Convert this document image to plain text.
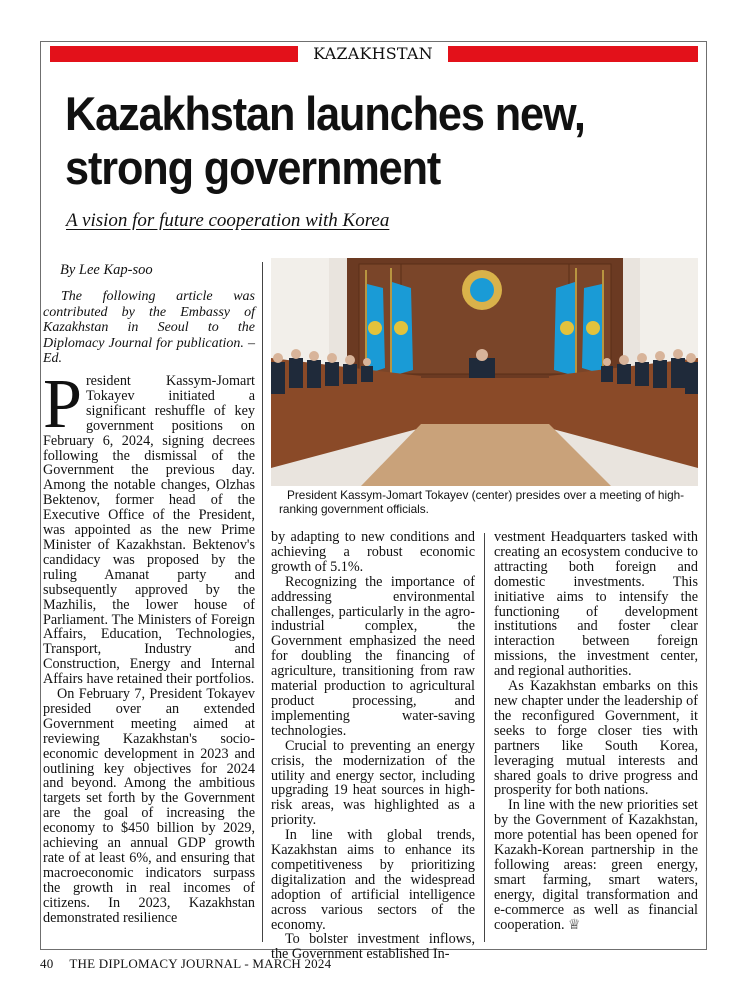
KAZAKHSTAN
Kazakhstan launches new,
strong government
A vision for future cooperation with Korea
By Lee Kap-soo
The following article was contributed by the Embassy of Kazakhstan in Seoul to the Diplomacy Journal for publication. –Ed.

President Kassym-Jomart Tokayev initiated a significant reshuffle of key government positions on February 6, 2024, signing decrees following the dismissal of the Government the previous day. Among the notable changes, Olzhas Bektenov, former head of the Executive Office of the President, was appointed as the new Prime Minister of Kazakhstan. Bektenov's candidacy was proposed by the ruling Amanat party and subsequently approved by the Mazhilis, the lower house of Parliament. The Ministers of Foreign Affairs, Education, Technologies, Transport, Industry and Construction, Energy and Internal Affairs have retained their portfolios.

On February 7, President Tokayev presided over an extended Government meeting aimed at reviewing Kazakhstan's socio-economic development in 2023 and outlining key objectives for 2024 and beyond. Among the ambitious targets set forth by the Government are the goal of increasing the economy to $450 billion by 2029, achieving an annual GDP growth rate of at least 6%, and ensuring that macroeconomic indicators surpass the growth in real incomes of citizens. In 2023, Kazakhstan demonstrated resilience

President Kassym-Jomart Tokayev (center) presides over a meeting of high-ranking government officials.

by adapting to new conditions and achieving a robust economic growth of 5.1%.

Recognizing the importance of addressing environmental challenges, particularly in the agro-industrial complex, the Government emphasized the need for doubling the financing of agriculture, transitioning from raw material production to agricultural product processing, and implementing water-saving technologies.

Crucial to preventing an energy crisis, the modernization of the utility and energy sector, including upgrading 19 heat sources in high-risk areas, was highlighted as a priority.

In line with global trends, Kazakhstan aims to enhance its competitiveness by prioritizing digitalization and the widespread adoption of artificial intelligence across various sectors of the economy.

To bolster investment inflows, the Government established In-

vestment Headquarters tasked with creating an ecosystem conducive to attracting both foreign and domestic investments. This initiative aims to intensify the functioning of development institutions and foster clear interaction between foreign missions, the investment center, and regional authorities.

As Kazakhstan embarks on this new chapter under the leadership of the reconfigured Government, it seeks to forge closer ties with partners like South Korea, leveraging mutual interests and shared goals to drive progress and prosperity for both nations.

In line with the new priorities set by the Government of Kazakhstan, more potential has been opened for Kazakh-Korean partnership in the following areas: green energy, smart farming, smart waters, energy, digital transformation and e-commerce as well as financial cooperation. ♕

40 THE DIPLOMACY JOURNAL - MARCH 2024
